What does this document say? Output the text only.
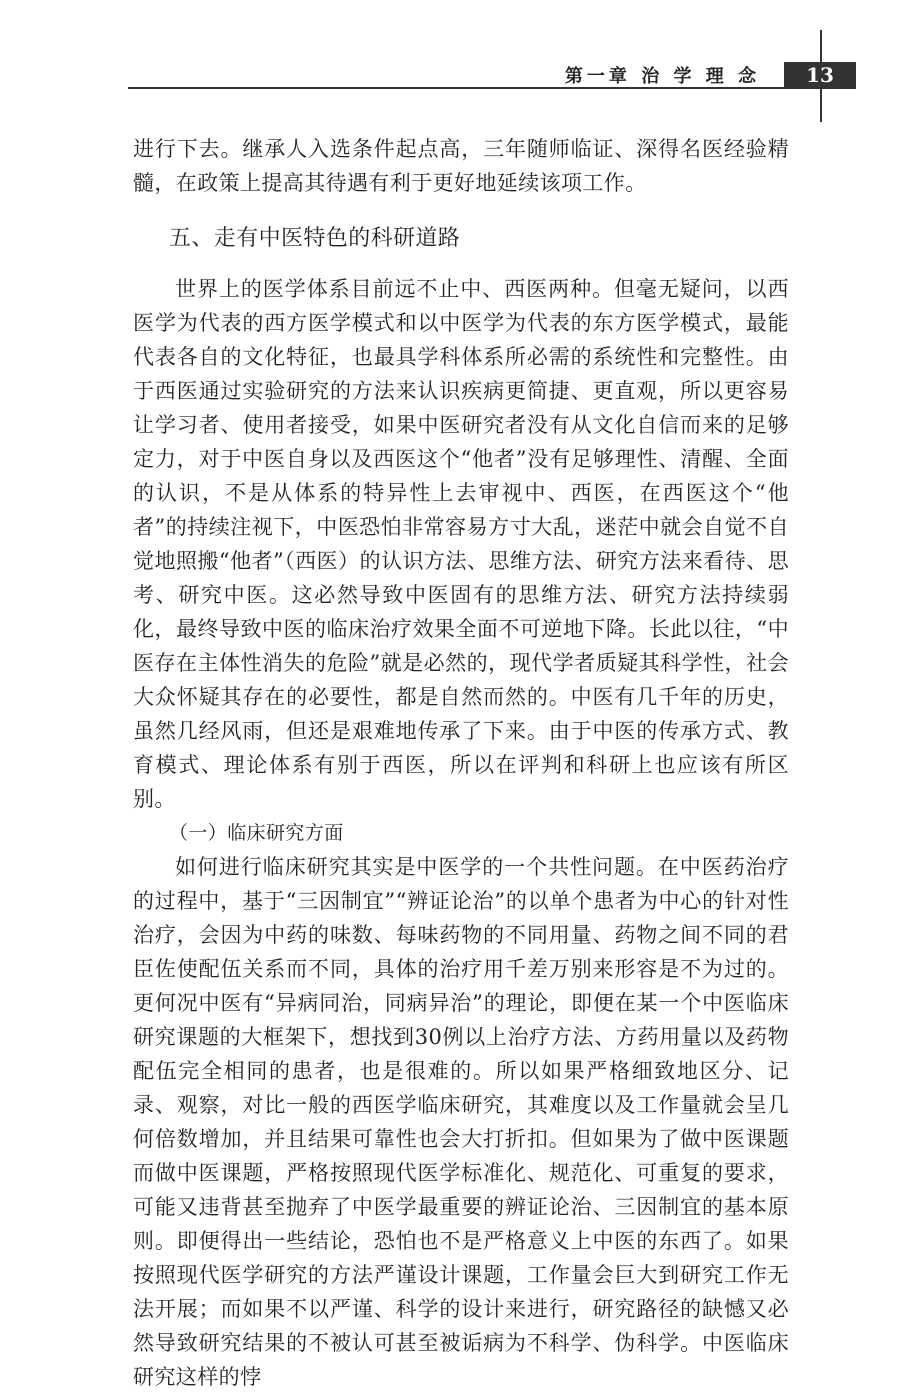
第一章 治 学 理 念	13

进行下去。继承人入选条件起点高，三年随师临证、深得名医经验精髓，在政策上提高其待遇有利于更好地延续该项工作。

五、走有中医特色的科研道路

世界上的医学体系目前远不止中、西医两种。但毫无疑问，以西医学为代表的西方医学模式和以中医学为代表的东方医学模式，最能代表各自的文化特征，也最具学科体系所必需的系统性和完整性。由于西医通过实验研究的方法来认识疾病更简捷、更直观，所以更容易让学习者、使用者接受，如果中医研究者没有从文化自信而来的足够定力，对于中医自身以及西医这个“他者”没有足够理性、清醒、全面的认识，不是从体系的特异性上去审视中、西医，在西医这个“他者”的持续注视下，中医恐怕非常容易方寸大乱，迷茫中就会自觉不自觉地照搬“他者”（西医）的认识方法、思维方法、研究方法来看待、思考、研究中医。这必然导致中医固有的思维方法、研究方法持续弱化，最终导致中医的临床治疗效果全面不可逆地下降。长此以往，“中医存在主体性消失的危险”就是必然的，现代学者质疑其科学性，社会大众怀疑其存在的必要性，都是自然而然的。中医有几千年的历史，虽然几经风雨，但还是艰难地传承了下来。由于中医的传承方式、教育模式、理论体系有别于西医，所以在评判和科研上也应该有所区别。

（一）临床研究方面

如何进行临床研究其实是中医学的一个共性问题。在中医药治疗的过程中，基于“三因制宜”“辨证论治”的以单个患者为中心的针对性治疗，会因为中药的味数、每味药物的不同用量、药物之间不同的君臣佐使配伍关系而不同，具体的治疗用千差万别来形容是不为过的。更何况中医有“异病同治，同病异治”的理论，即便在某一个中医临床研究课题的大框架下，想找到30例以上治疗方法、方药用量以及药物配伍完全相同的患者，也是很难的。所以如果严格细致地区分、记录、观察，对比一般的西医学临床研究，其难度以及工作量就会呈几何倍数增加，并且结果可靠性也会大打折扣。但如果为了做中医课题而做中医课题，严格按照现代医学标准化、规范化、可重复的要求，可能又违背甚至抛弃了中医学最重要的辨证论治、三因制宜的基本原则。即便得出一些结论，恐怕也不是严格意义上中医的东西了。如果按照现代医学研究的方法严谨设计课题，工作量会巨大到研究工作无法开展；而如果不以严谨、科学的设计来进行，研究路径的缺憾又必然导致研究结果的不被认可甚至被诟病为不科学、伪科学。中医临床研究这样的悖
